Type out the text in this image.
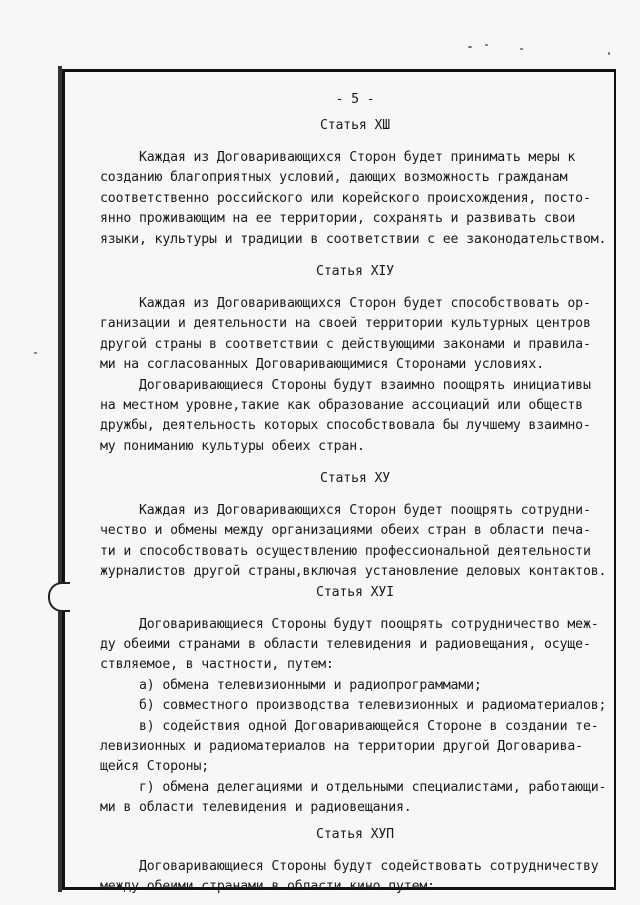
- 5 -
Статья ХШ
Каждая из Договаривающихся Сторон будет принимать меры к
созданию благоприятных условий, дающих возможность гражданам
соответственно российского или корейского происхождения, посто-
янно проживающим на ее территории, сохранять и развивать свои
языки, культуры и традиции в соответствии с ее законодательством.
Статья ХIУ
Каждая из Договаривающихся Сторон будет способствовать ор-
ганизации и деятельности на своей территории культурных центров
другой страны в соответствии с действующими законами и правила-
ми на согласованных Договаривающимися Сторонами условиях.
Договаривающиеся Стороны будут взаимно поощрять инициативы
на местном уровне,такие как образование ассоциаций или обществ
дружбы, деятельность которых способствовала бы лучшему взаимно-
му пониманию культуры обеих стран.
Статья ХУ
Каждая из Договаривающихся Сторон будет поощрять сотрудни-
чество и обмены между организациями обеих стран в области печа-
ти и способствовать осуществлению профессиональной деятельности
журналистов другой страны,включая установление деловых контактов.
Статья ХУI
Договаривающиеся Стороны будут поощрять сотрудничество меж-
ду обеими странами в области телевидения и радиовещания, осуще-
ствляемое, в частности, путем:
а) обмена телевизионными и радиопрограммами;
б) совместного производства телевизионных и радиоматериалов;
в) содействия одной Договаривающейся Стороне в создании те-
левизионных и радиоматериалов на территории другой Договарива-
щейся Стороны;
г) обмена делегациями и отдельными специалистами, работающи-
ми в области телевидения и радиовещания.
Статья ХУП
Договаривающиеся Стороны будут содействовать сотрудничеству
между обеими странами в области кино путем:
